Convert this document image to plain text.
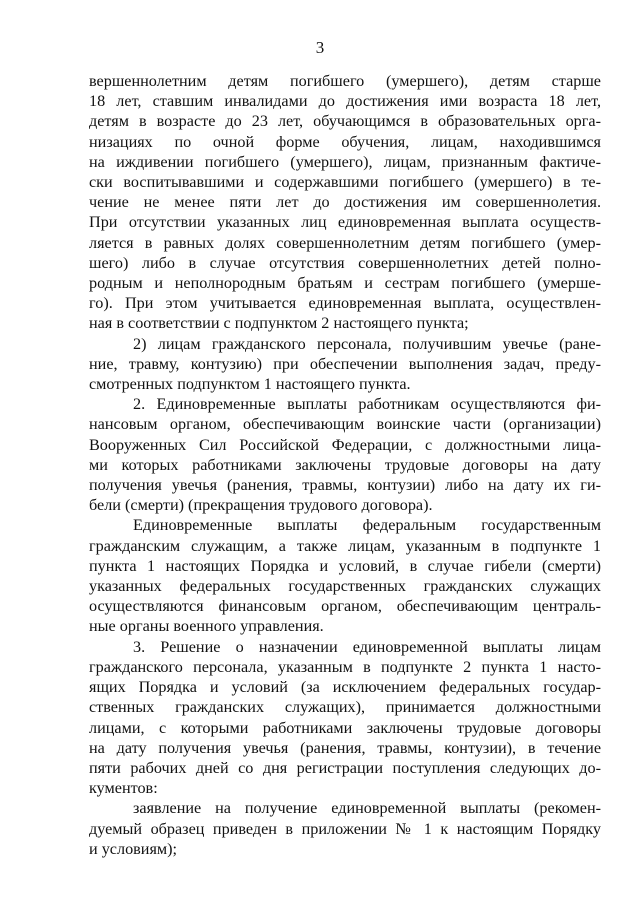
3

вершеннолетним детям погибшего (умершего), детям старше
18 лет, ставшим инвалидами до достижения ими возраста 18 лет,
детям в возрасте до 23 лет, обучающимся в образовательных орга-
низациях по очной форме обучения, лицам, находившимся
на иждивении погибшего (умершего), лицам, признанным фактиче-
ски воспитывавшими и содержавшими погибшего (умершего) в те-
чение не менее пяти лет до достижения им совершеннолетия.
При отсутствии указанных лиц единовременная выплата осуществ-
ляется в равных долях совершеннолетним детям погибшего (умер-
шего) либо в случае отсутствия совершеннолетних детей полно-
родным и неполнородным братьям и сестрам погибшего (умерше-
го). При этом учитывается единовременная выплата, осуществлен-
ная в соответствии с подпунктом 2 настоящего пункта;

2) лицам гражданского персонала, получившим увечье (ране-
ние, травму, контузию) при обеспечении выполнения задач, преду-
смотренных подпунктом 1 настоящего пункта.

2. Единовременные выплаты работникам осуществляются фи-
нансовым органом, обеспечивающим воинские части (организации)
Вооруженных Сил Российской Федерации, с должностными лица-
ми которых работниками заключены трудовые договоры на дату
получения увечья (ранения, травмы, контузии) либо на дату их ги-
бели (смерти) (прекращения трудового договора).

Единовременные выплаты федеральным государственным
гражданским служащим, а также лицам, указанным в подпункте 1
пункта 1 настоящих Порядка и условий, в случае гибели (смерти)
указанных федеральных государственных гражданских служащих
осуществляются финансовым органом, обеспечивающим централь-
ные органы военного управления.

3. Решение о назначении единовременной выплаты лицам
гражданского персонала, указанным в подпункте 2 пункта 1 насто-
ящих Порядка и условий (за исключением федеральных государ-
ственных гражданских служащих), принимается должностными
лицами, с которыми работниками заключены трудовые договоры
на дату получения увечья (ранения, травмы, контузии), в течение
пяти рабочих дней со дня регистрации поступления следующих до-
кументов:

заявление на получение единовременной выплаты (рекомен-
дуемый образец приведен в приложении № 1 к настоящим Порядку
и условиям);
